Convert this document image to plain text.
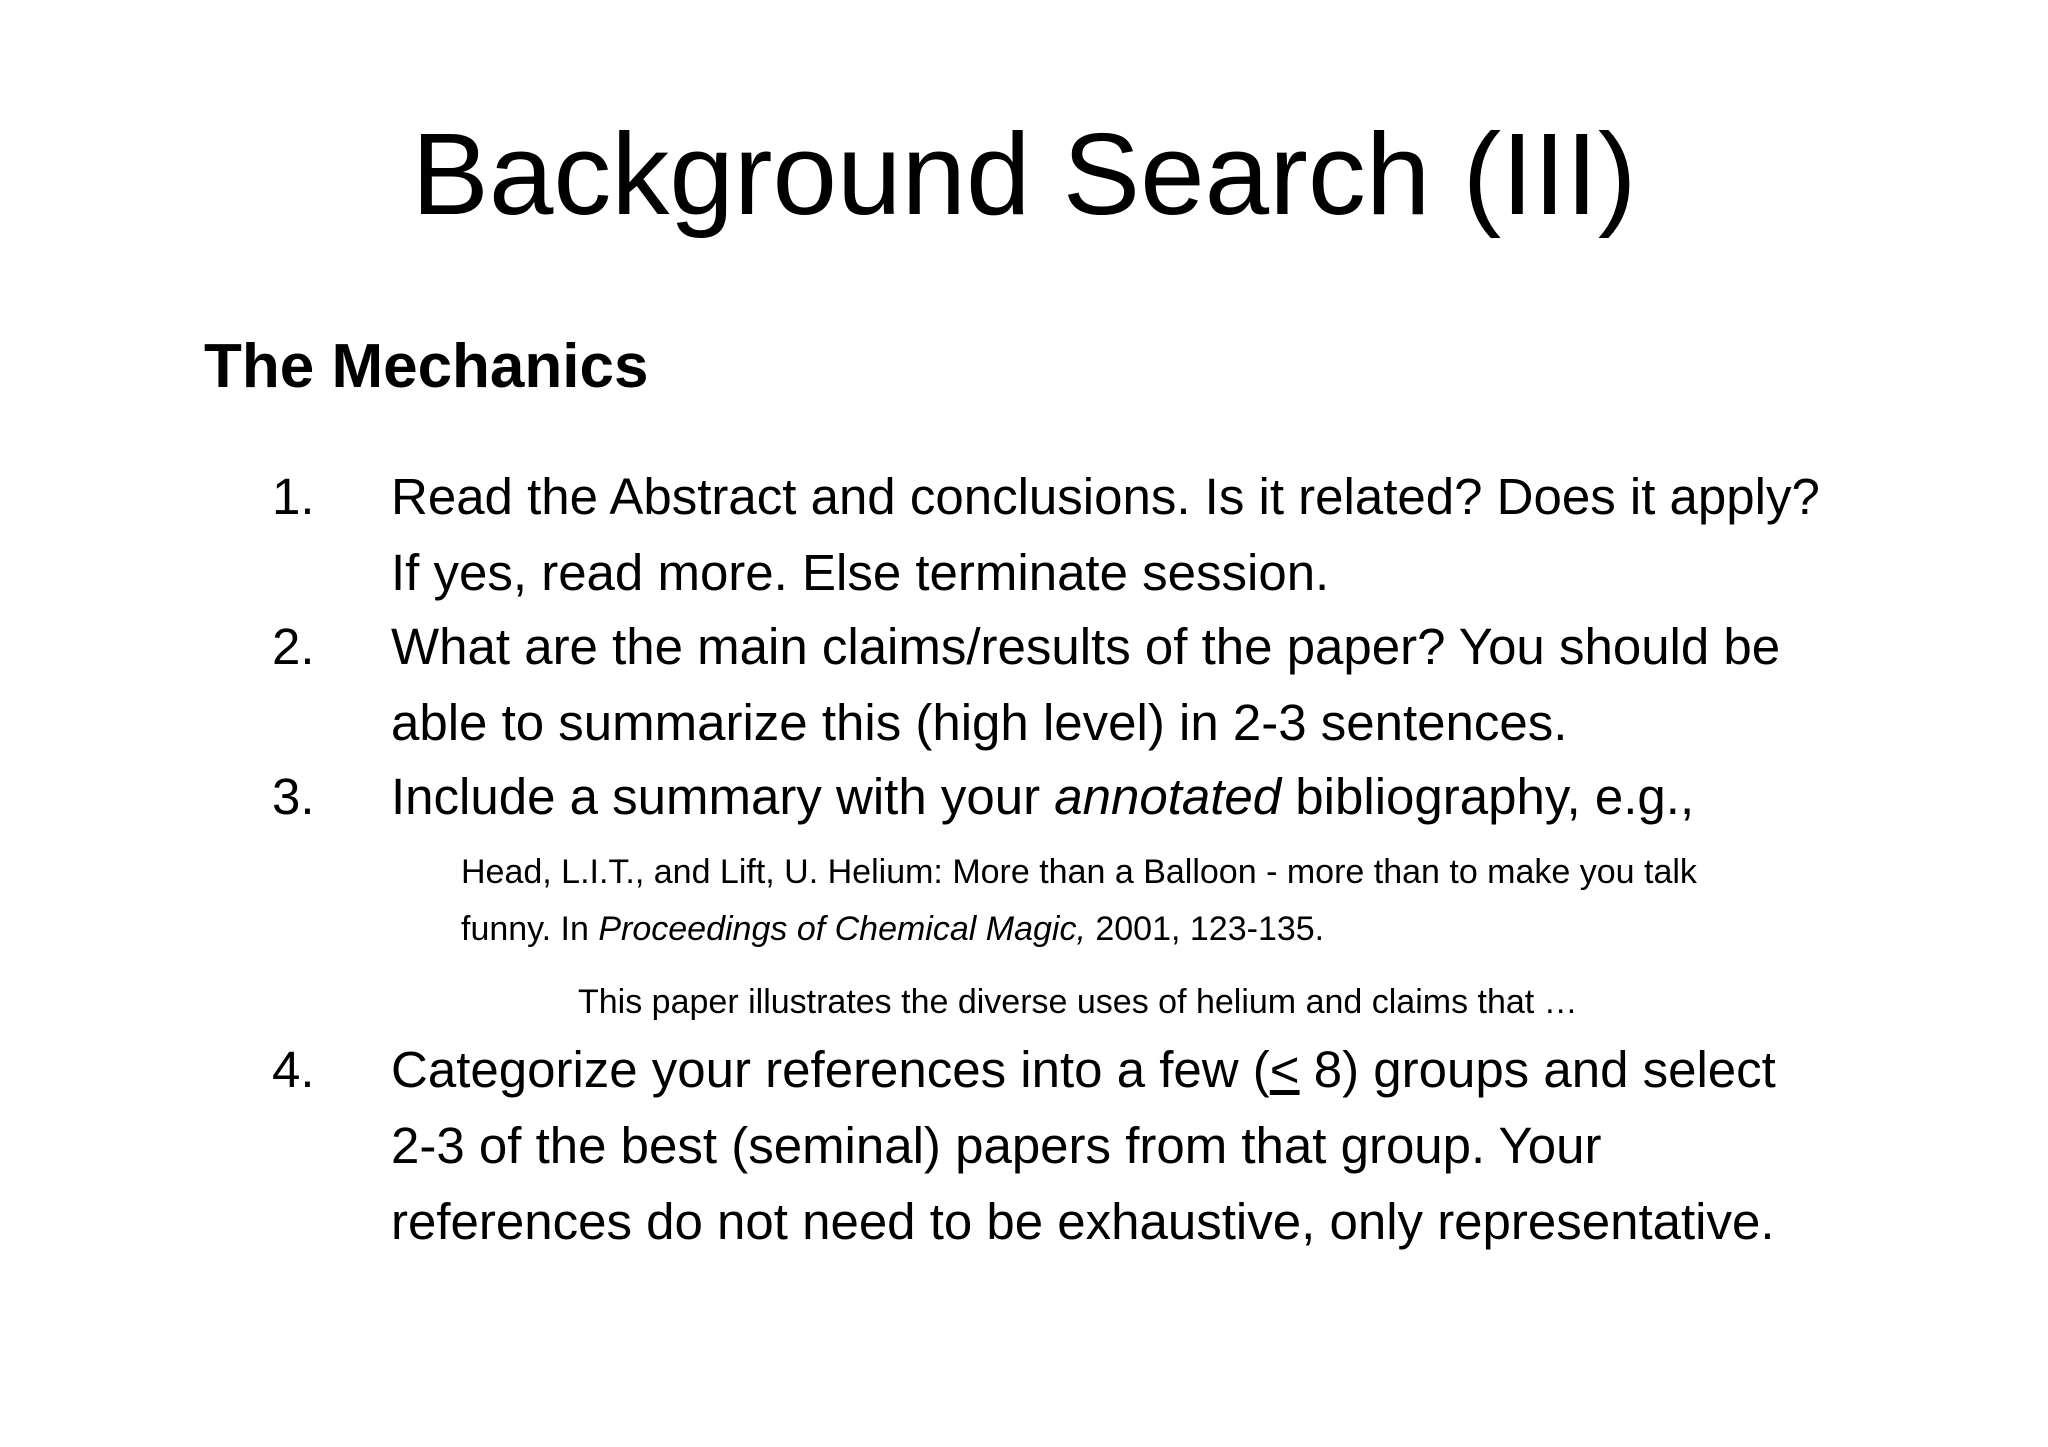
Background Search (III)
The Mechanics
1. Read the Abstract and conclusions. Is it related? Does it apply?
If yes, read more. Else terminate session.
2. What are the main claims/results of the paper? You should be
able to summarize this (high level) in 2-3 sentences.
3. Include a summary with your annotated bibliography, e.g.,
Head, L.I.T., and Lift, U. Helium: More than a Balloon - more than to make you talk
funny. In Proceedings of Chemical Magic, 2001, 123-135.
This paper illustrates the diverse uses of helium and claims that …
4. Categorize your references into a few (≤ 8) groups and select
2-3 of the best (seminal) papers from that group. Your
references do not need to be exhaustive, only representative.
